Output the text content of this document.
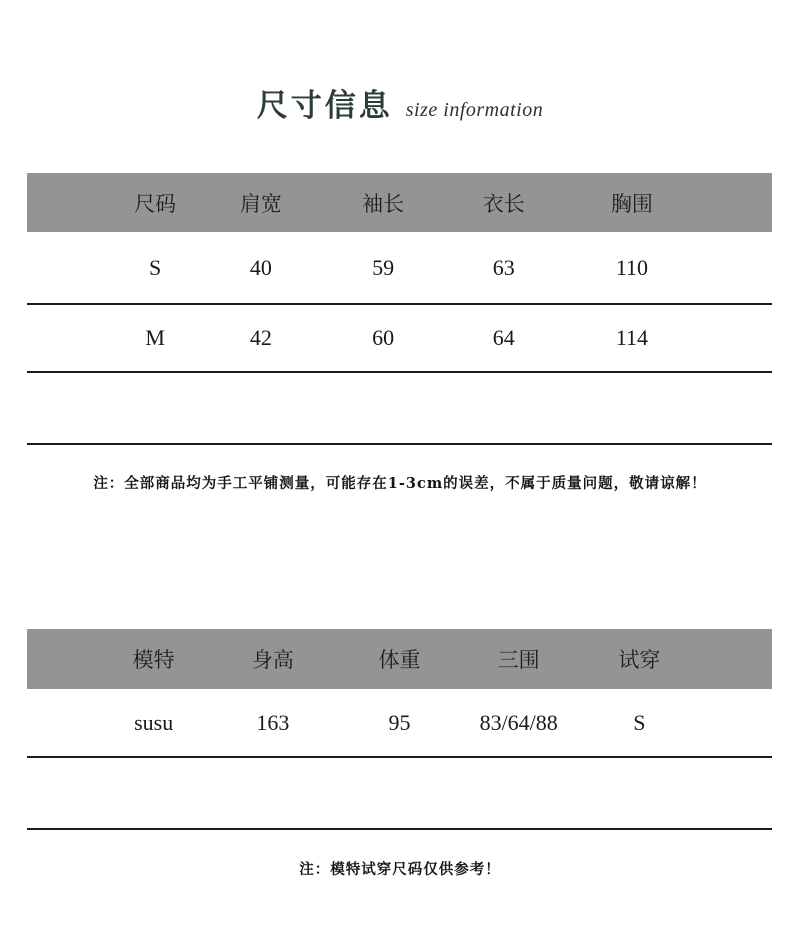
尺寸信息 size information
尺码	肩宽	袖长	衣长	胸围
S	40	59	63	110
M	42	60	64	114
注：全部商品均为手工平铺测量，可能存在1-3cm的误差，不属于质量问题，敬请谅解！
模特	身高	体重	三围	试穿
susu	163	95	83/64/88	S
注：模特试穿尺码仅供参考！
